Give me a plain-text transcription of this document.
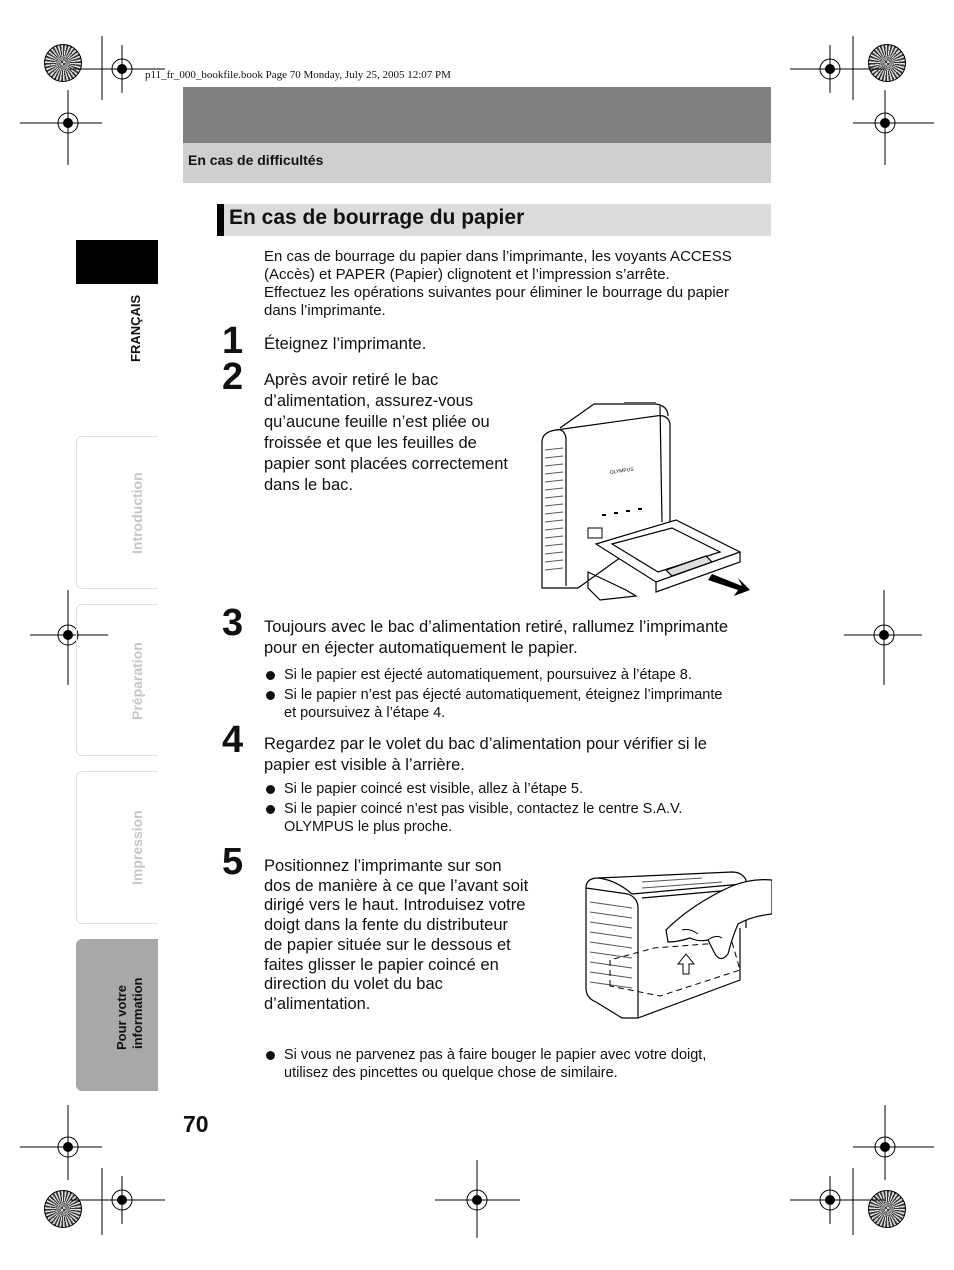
p11_fr_000_bookfile.book Page 70 Monday, July 25, 2005 12:07 PM
En cas de difficultés
FRANÇAIS
Introduction
Préparation
Impression
Pour votre information
En cas de bourrage du papier
En cas de bourrage du papier dans l’imprimante, les voyants ACCESS
(Accès) et PAPER (Papier) clignotent et l’impression s’arrête.
Effectuez les opérations suivantes pour éliminer le bourrage du papier
dans l’imprimante.
1 Éteignez l’imprimante.
2 Après avoir retiré le bac
d’alimentation, assurez-vous
qu’aucune feuille n’est pliée ou
froissée et que les feuilles de
papier sont placées correctement
dans le bac.
OLYMPUS
3 Toujours avec le bac d’alimentation retiré, rallumez l’imprimante
pour en éjecter automatiquement le papier.
Si le papier est éjecté automatiquement, poursuivez à l’étape 8.
Si le papier n’est pas éjecté automatiquement, éteignez l’imprimante
et poursuivez à l’étape 4.
4 Regardez par le volet du bac d’alimentation pour vérifier si le
papier est visible à l’arrière.
Si le papier coincé est visible, allez à l’étape 5.
Si le papier coincé n’est pas visible, contactez le centre S.A.V.
OLYMPUS le plus proche.
5 Positionnez l’imprimante sur son
dos de manière à ce que l’avant soit
dirigé vers le haut. Introduisez votre
doigt dans la fente du distributeur
de papier située sur le dessous et
faites glisser le papier coincé en
direction du volet du bac
d’alimentation.
Si vous ne parvenez pas à faire bouger le papier avec votre doigt,
utilisez des pincettes ou quelque chose de similaire.
70
